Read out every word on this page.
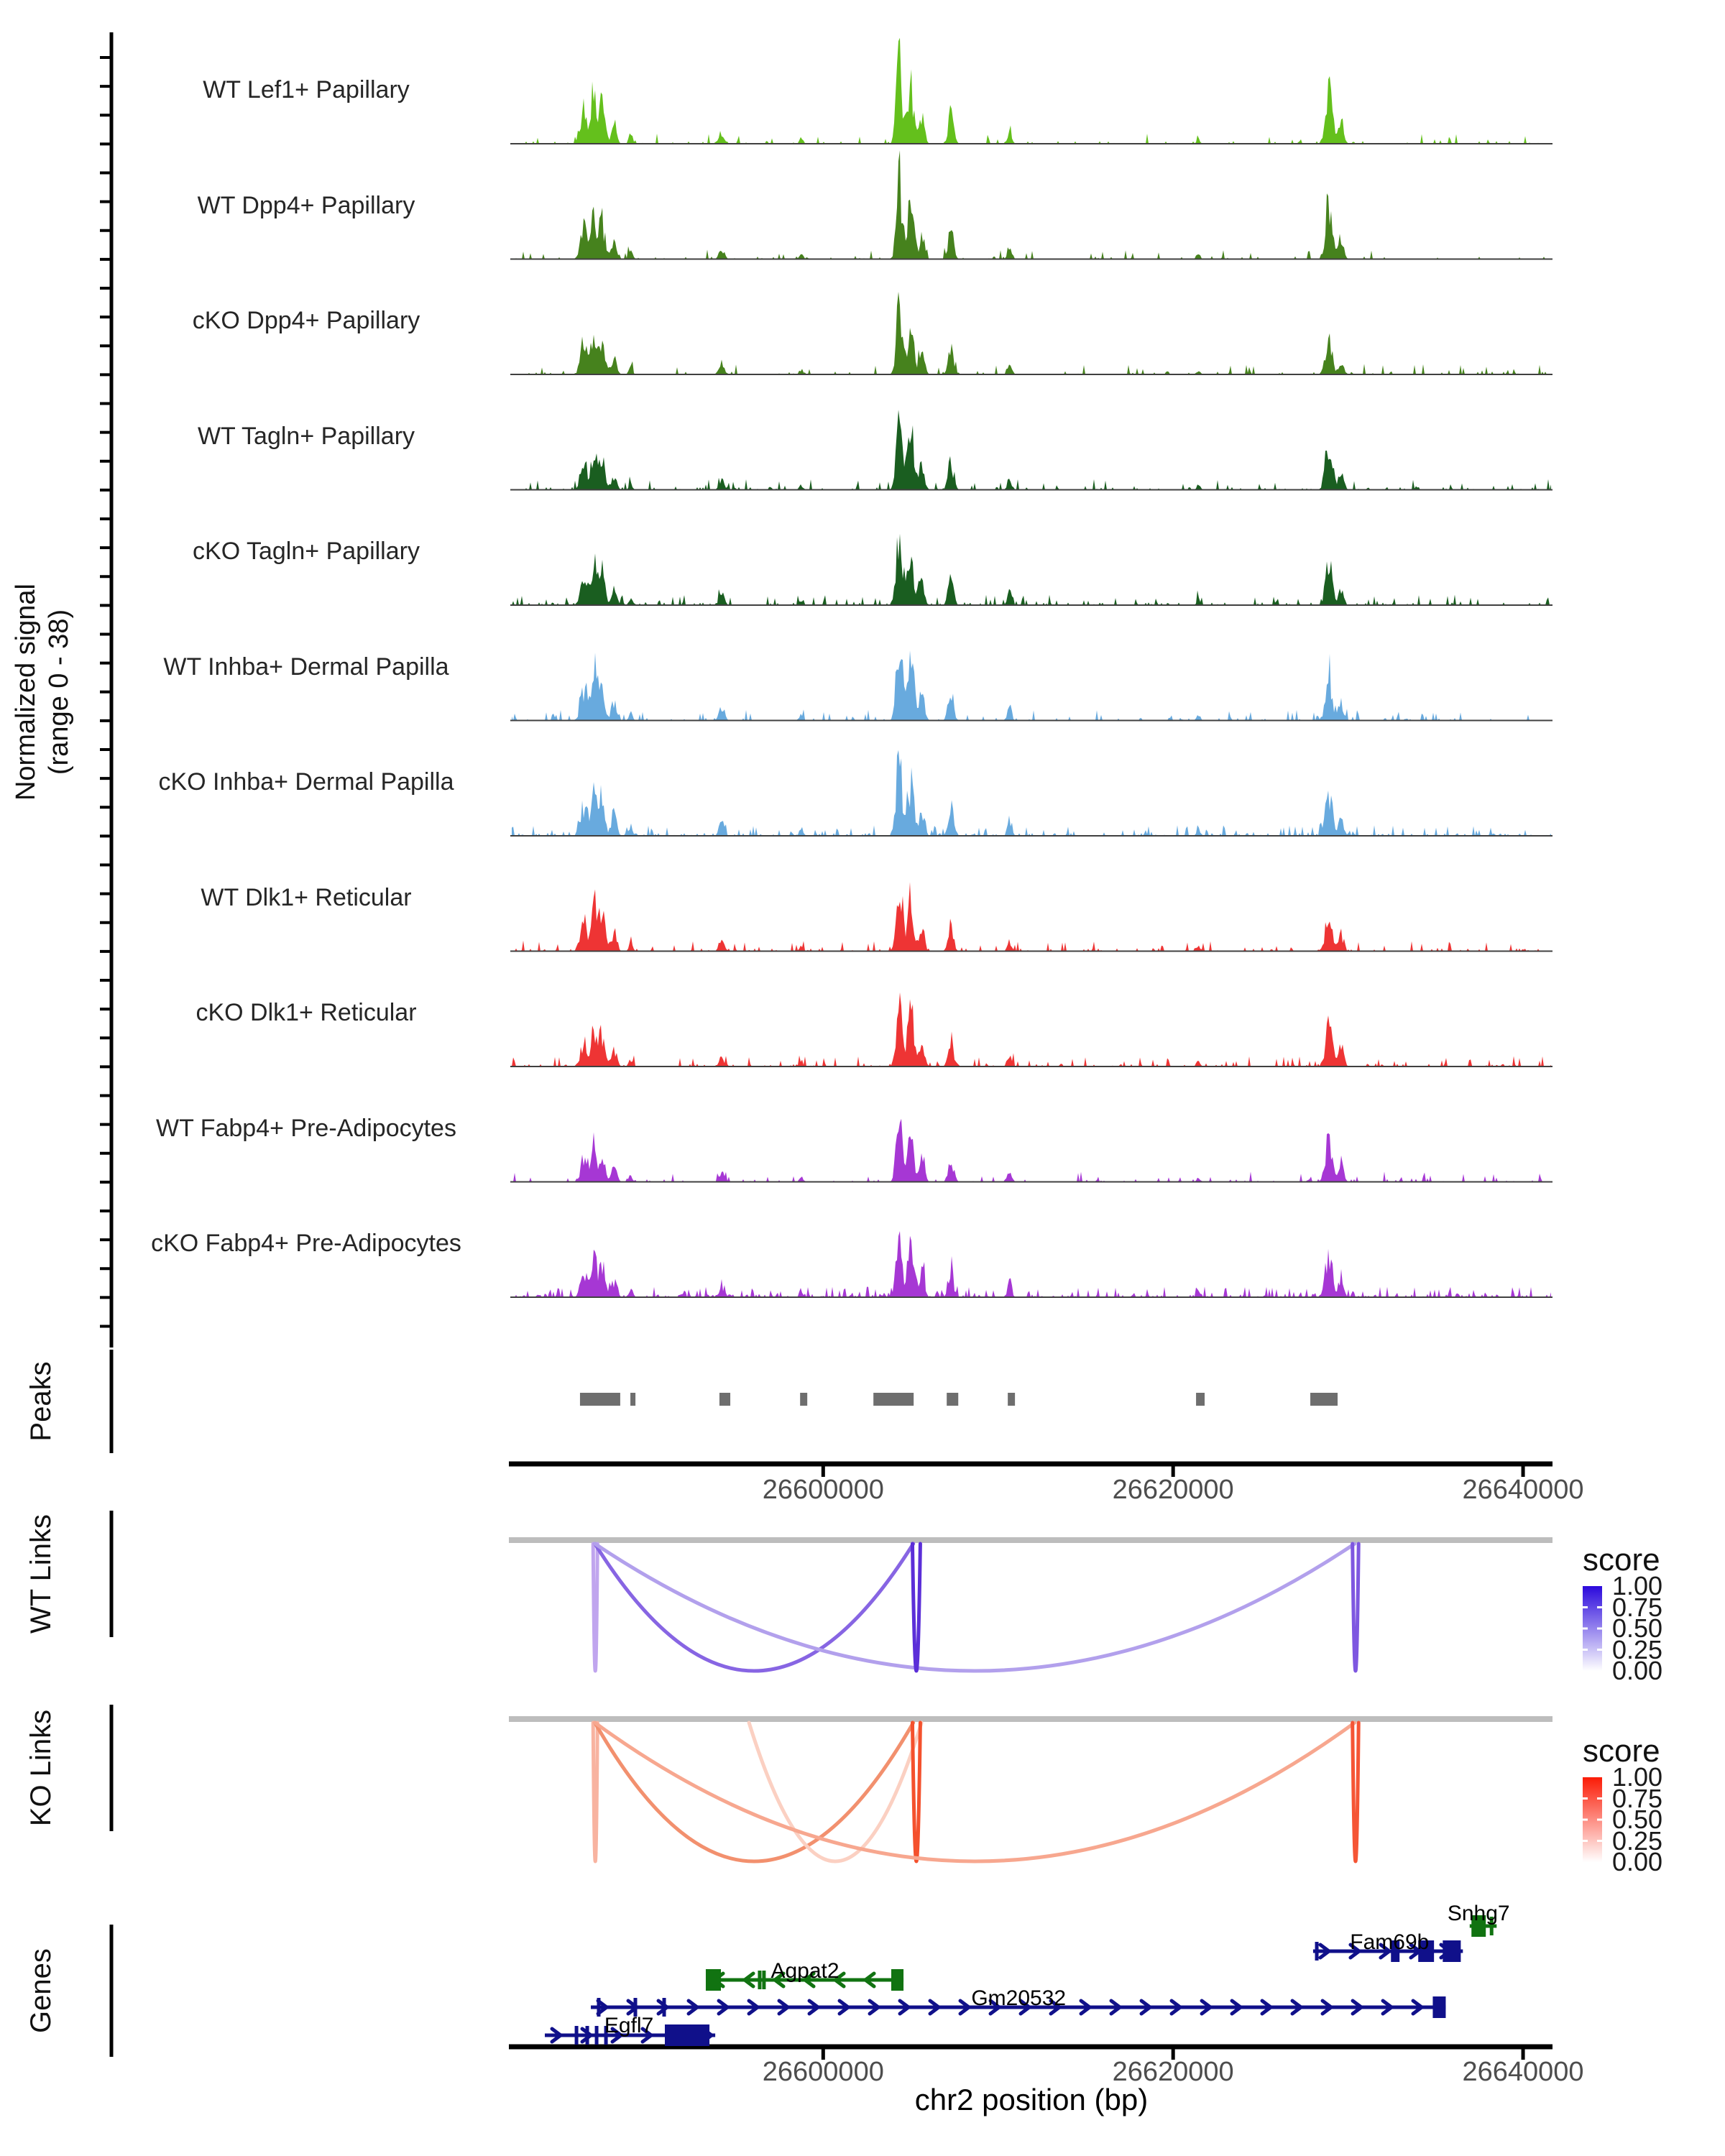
Normalized signal (range 0 - 38)
Peaks
WT Links
KO Links
Genes
WT Lef1+ Papillary
WT Dpp4+ Papillary
cKO Dpp4+ Papillary
WT Tagln+ Papillary
cKO Tagln+ Papillary
WT Inhba+ Dermal Papilla
cKO Inhba+ Dermal Papilla
WT Dlk1+ Reticular
cKO Dlk1+ Reticular
WT Fabp4+ Pre-Adipocytes
cKO Fabp4+ Pre-Adipocytes
26600000	26620000	26640000
26600000	26620000	26640000
score
1.00
0.75
0.50
0.25
0.00
score
1.00
0.75
0.50
0.25
0.00
Snhg7
Fam69b
Agpat2
Gm20532
Egfl7
chr2 position (bp)
